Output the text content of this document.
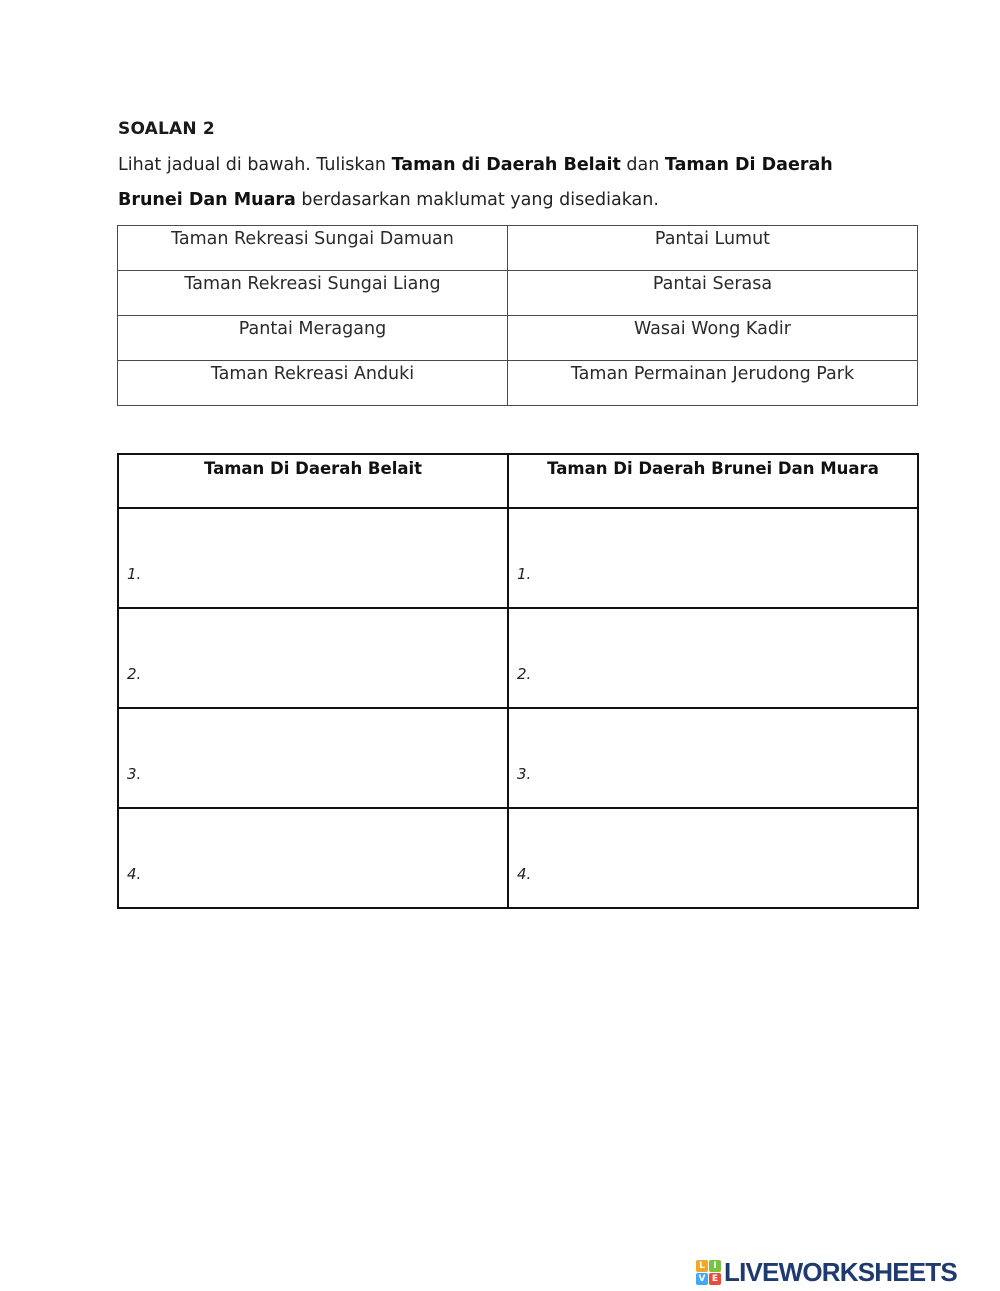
SOALAN 2
Lihat jadual di bawah. Tuliskan Taman di Daerah Belait dan Taman Di Daerah
Brunei Dan Muara berdasarkan maklumat yang disediakan.
Taman Rekreasi Sungai Damuan	Pantai Lumut
Taman Rekreasi Sungai Liang	Pantai Serasa
Pantai Meragang	Wasai Wong Kadir
Taman Rekreasi Anduki	Taman Permainan Jerudong Park
Taman Di Daerah Belait	Taman Di Daerah Brunei Dan Muara

1.	1.

2.	2.

3.	3.

4.	4.
L I
V E LIVEWORKSHEETS
